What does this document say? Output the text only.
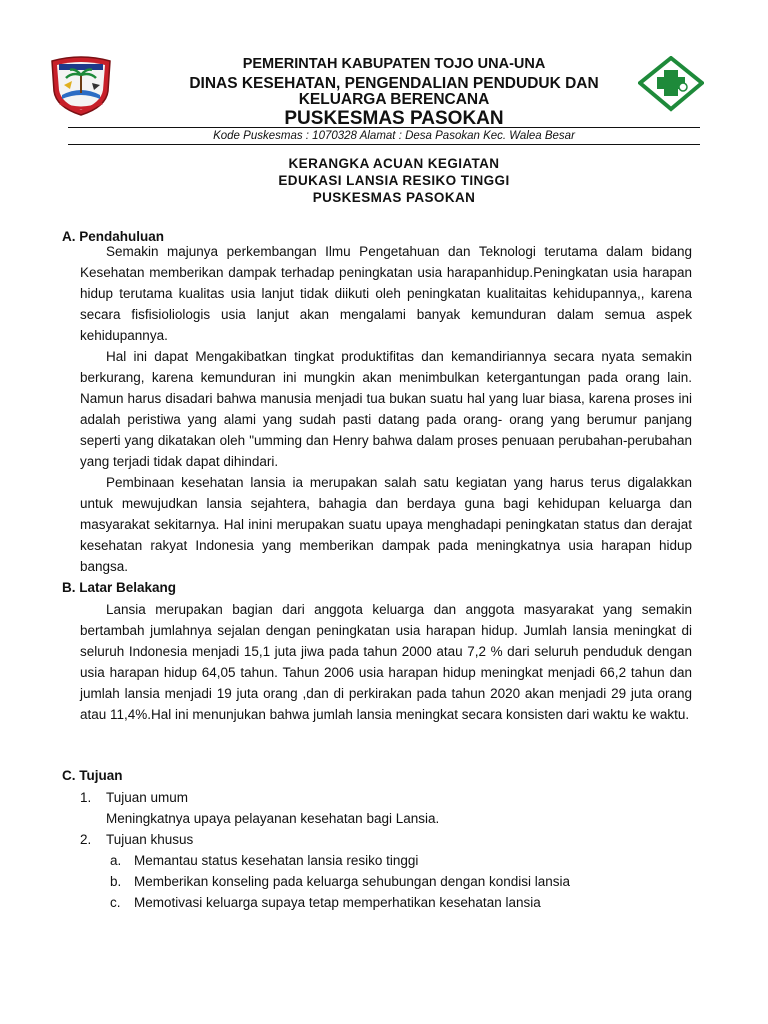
PEMERINTAH KABUPATEN TOJO UNA-UNA
DINAS KESEHATAN, PENGENDALIAN PENDUDUK DAN
KELUARGA BERENCANA
PUSKESMAS PASOKAN
Kode Puskesmas : 1070328 Alamat : Desa Pasokan Kec. Walea Besar
KERANGKA ACUAN KEGIATAN
EDUKASI LANSIA RESIKO TINGGI
PUSKESMAS PASOKAN
A. Pendahuluan
Semakin majunya perkembangan Ilmu Pengetahuan dan Teknologi terutama dalam bidang Kesehatan memberikan dampak terhadap peningkatan usia harapanhidup.Peningkatan usia harapan hidup terutama kualitas usia lanjut tidak diikuti oleh peningkatan kualitaitas kehidupannya,, karena secara fisfisioliologis usia lanjut akan mengalami banyak kemunduran dalam semua aspek kehidupannya.
Hal ini dapat Mengakibatkan tingkat produktifitas dan kemandiriannya secara nyata semakin berkurang, karena kemunduran ini mungkin akan menimbulkan ketergantungan pada orang lain. Namun harus disadari bahwa manusia menjadi tua bukan suatu hal yang luar biasa, karena proses ini adalah peristiwa yang alami yang sudah pasti datang pada orang- orang yang berumur panjang seperti yang dikatakan oleh "umming dan Henry bahwa dalam proses penuaan perubahan-perubahan yang terjadi tidak dapat dihindari.
Pembinaan kesehatan lansia ia merupakan salah satu kegiatan yang harus terus digalakkan untuk mewujudkan lansia sejahtera, bahagia dan berdaya guna bagi kehidupan keluarga dan masyarakat sekitarnya. Hal inini merupakan suatu upaya menghadapi peningkatan status dan derajat kesehatan rakyat Indonesia yang memberikan dampak pada meningkatnya usia harapan hidup bangsa.
B. Latar Belakang
Lansia merupakan bagian dari anggota keluarga dan anggota masyarakat yang semakin bertambah jumlahnya sejalan dengan peningkatan usia harapan hidup. Jumlah lansia meningkat di seluruh Indonesia menjadi 15,1 juta jiwa pada tahun 2000 atau 7,2 % dari seluruh penduduk dengan usia harapan hidup 64,05 tahun. Tahun 2006 usia harapan hidup meningkat menjadi 66,2 tahun dan jumlah lansia menjadi 19 juta orang ,dan di perkirakan pada tahun 2020 akan menjadi 29 juta orang atau 11,4%.Hal ini menunjukan bahwa jumlah lansia meningkat secara konsisten dari waktu ke waktu.
C. Tujuan
1. Tujuan umum
Meningkatnya upaya pelayanan kesehatan bagi Lansia.
2. Tujuan khusus
a. Memantau status kesehatan lansia resiko tinggi
b. Memberikan konseling pada keluarga sehubungan dengan kondisi lansia
c. Memotivasi keluarga supaya tetap memperhatikan kesehatan lansia
